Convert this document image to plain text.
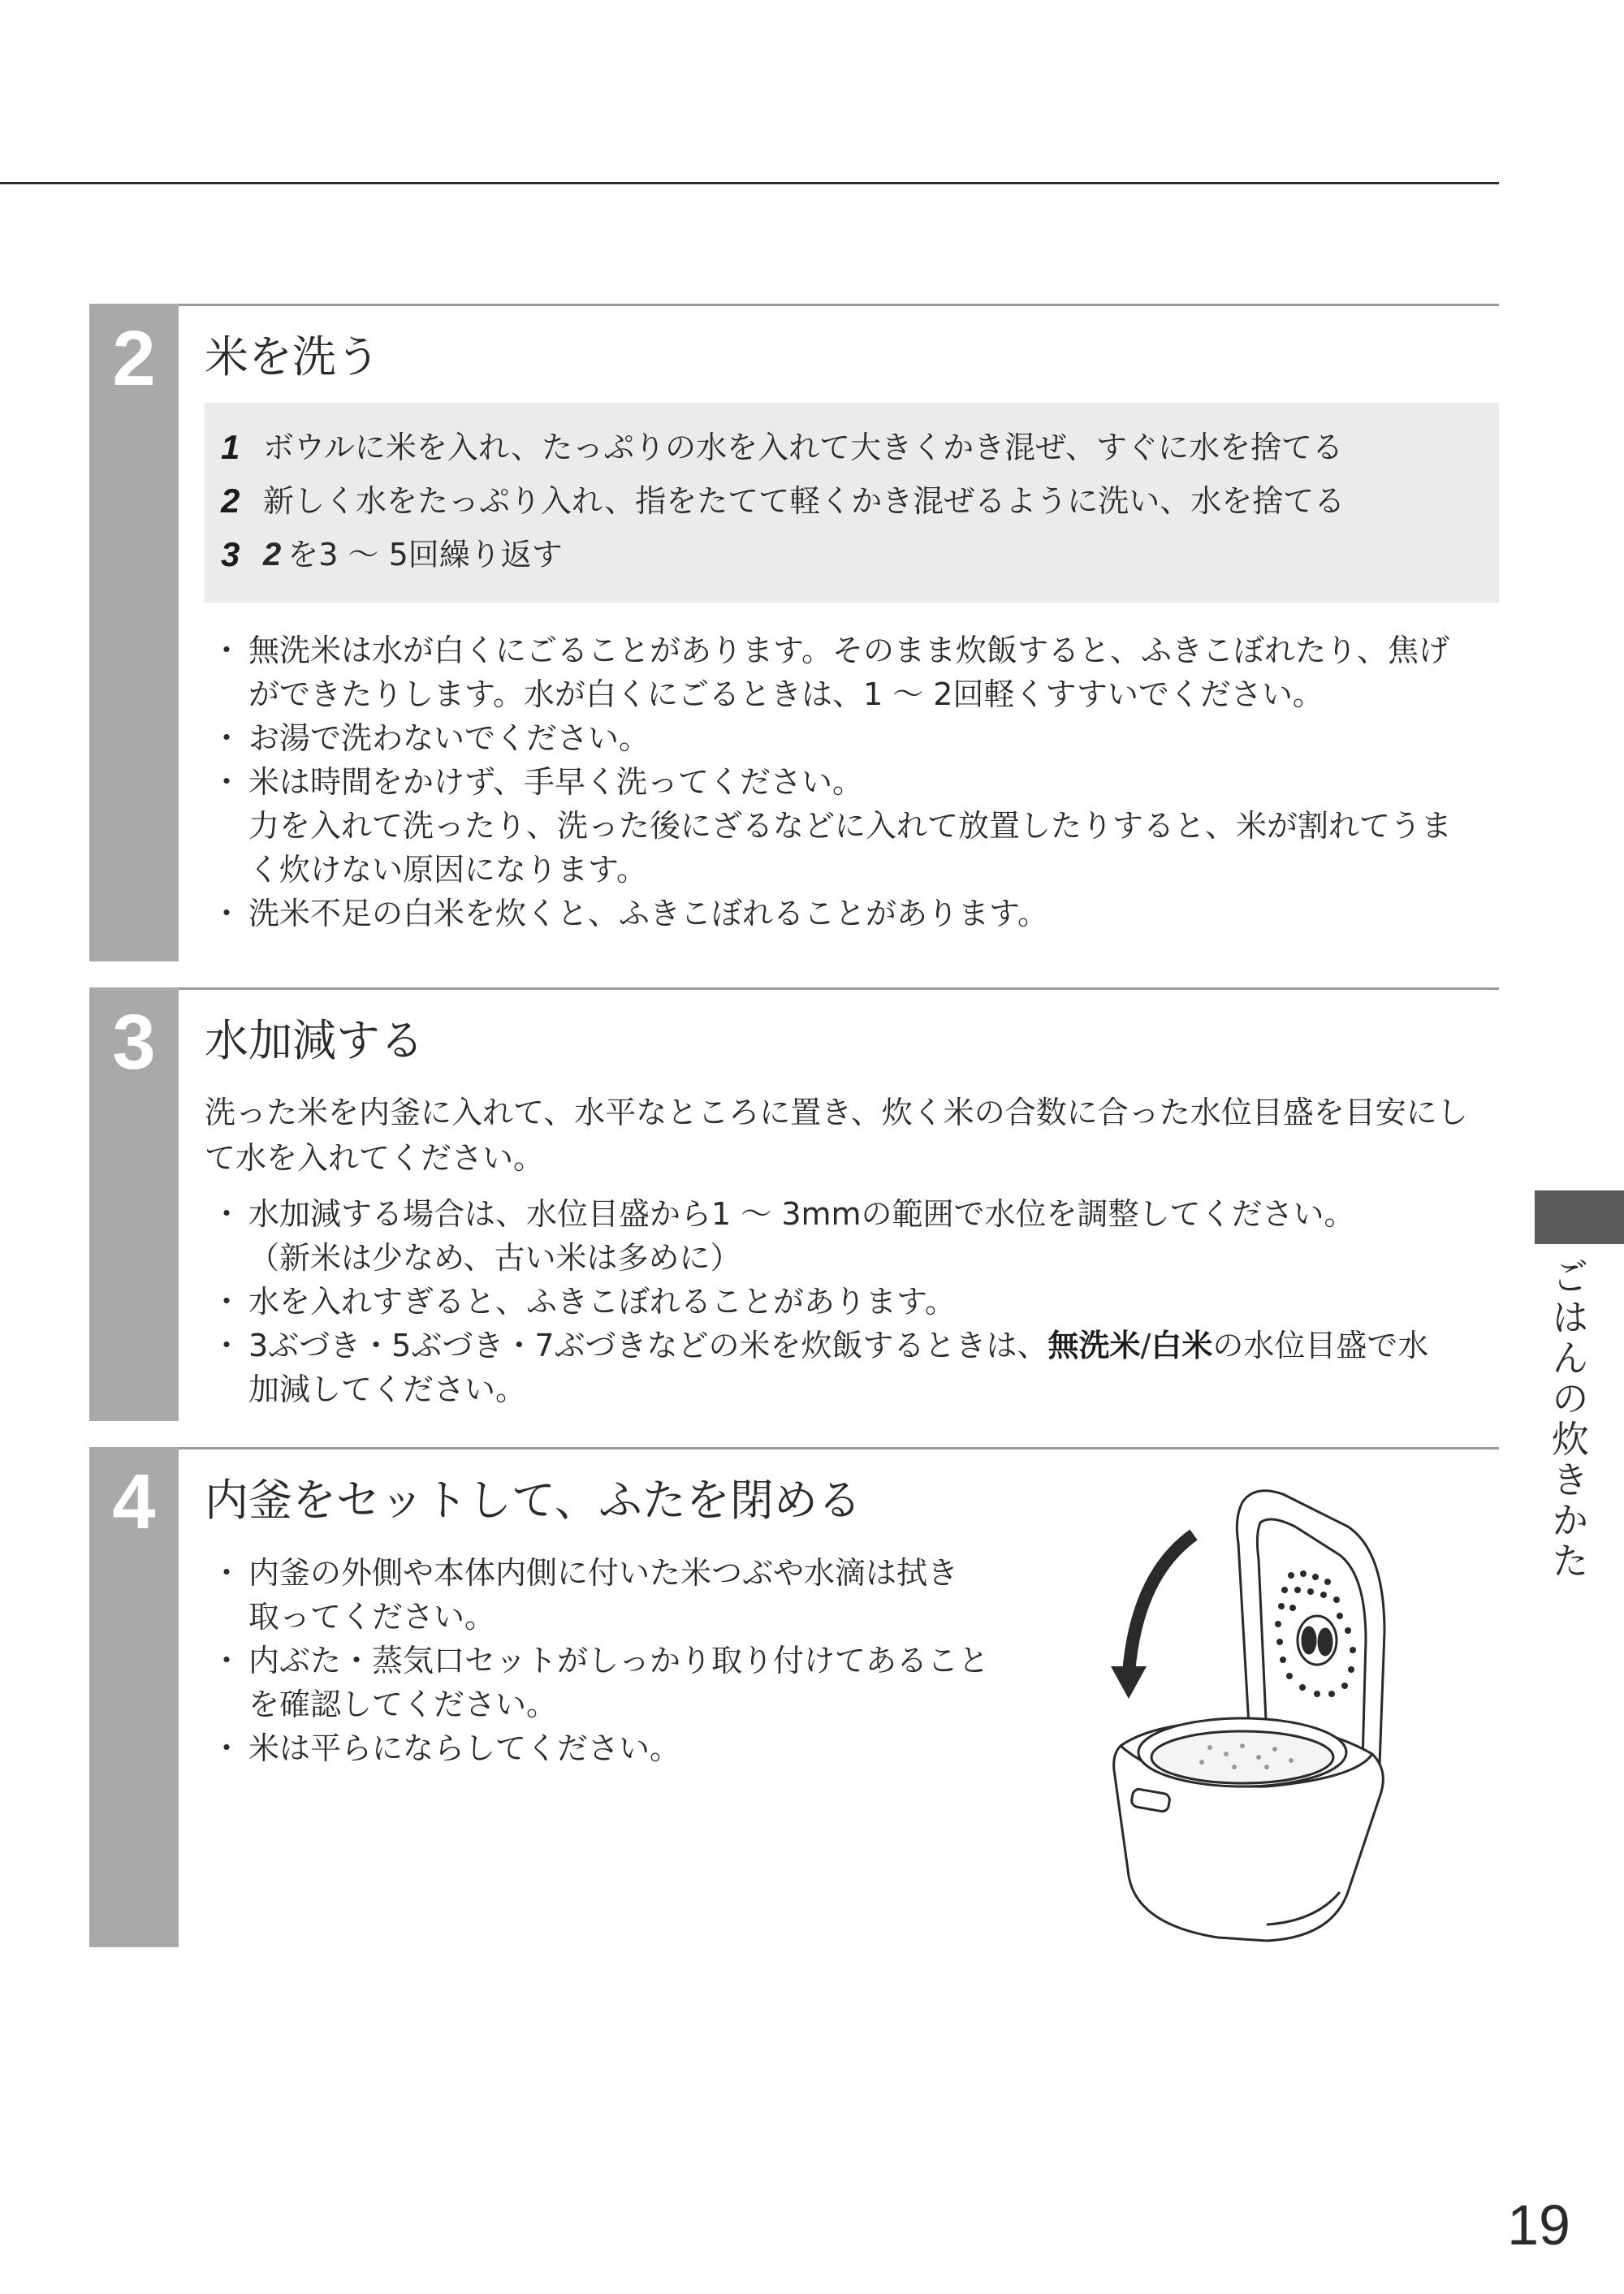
2	米を洗う
1 ボウルに米を入れ、たっぷりの水を入れて大きくかき混ぜ、すぐに水を捨てる
2 新しく水をたっぷり入れ、指をたてて軽くかき混ぜるように洗い、水を捨てる
3 2 を3 ～ 5回繰り返す
・ 無洗米は水が白くにごることがあります。そのまま炊飯すると、ふきこぼれたり、焦げ
ができたりします。水が白くにごるときは、1 ～ 2回軽くすすいでください。
・ お湯で洗わないでください。
・ 米は時間をかけず、手早く洗ってください。
力を入れて洗ったり、洗った後にざるなどに入れて放置したりすると、米が割れてうま
く炊けない原因になります。
・ 洗米不足の白米を炊くと、ふきこぼれることがあります。
3	水加減する
洗った米を内釜に入れて、水平なところに置き、炊く米の合数に合った水位目盛を目安にし
て水を入れてください。
・ 水加減する場合は、水位目盛から1 ～ 3mmの範囲で水位を調整してください。
（新米は少なめ、古い米は多めに）
・ 水を入れすぎると、ふきこぼれることがあります。
・ 3ぶづき・5ぶづき・7ぶづきなどの米を炊飯するときは、無洗米/白米の水位目盛で水
加減してください。
4	内釜をセットして、ふたを閉める
・ 内釜の外側や本体内側に付いた米つぶや水滴は拭き
取ってください。
・ 内ぶた・蒸気口セットがしっかり取り付けてあること
を確認してください。
・ 米は平らにならしてください。
ごはんの炊きかた
19
